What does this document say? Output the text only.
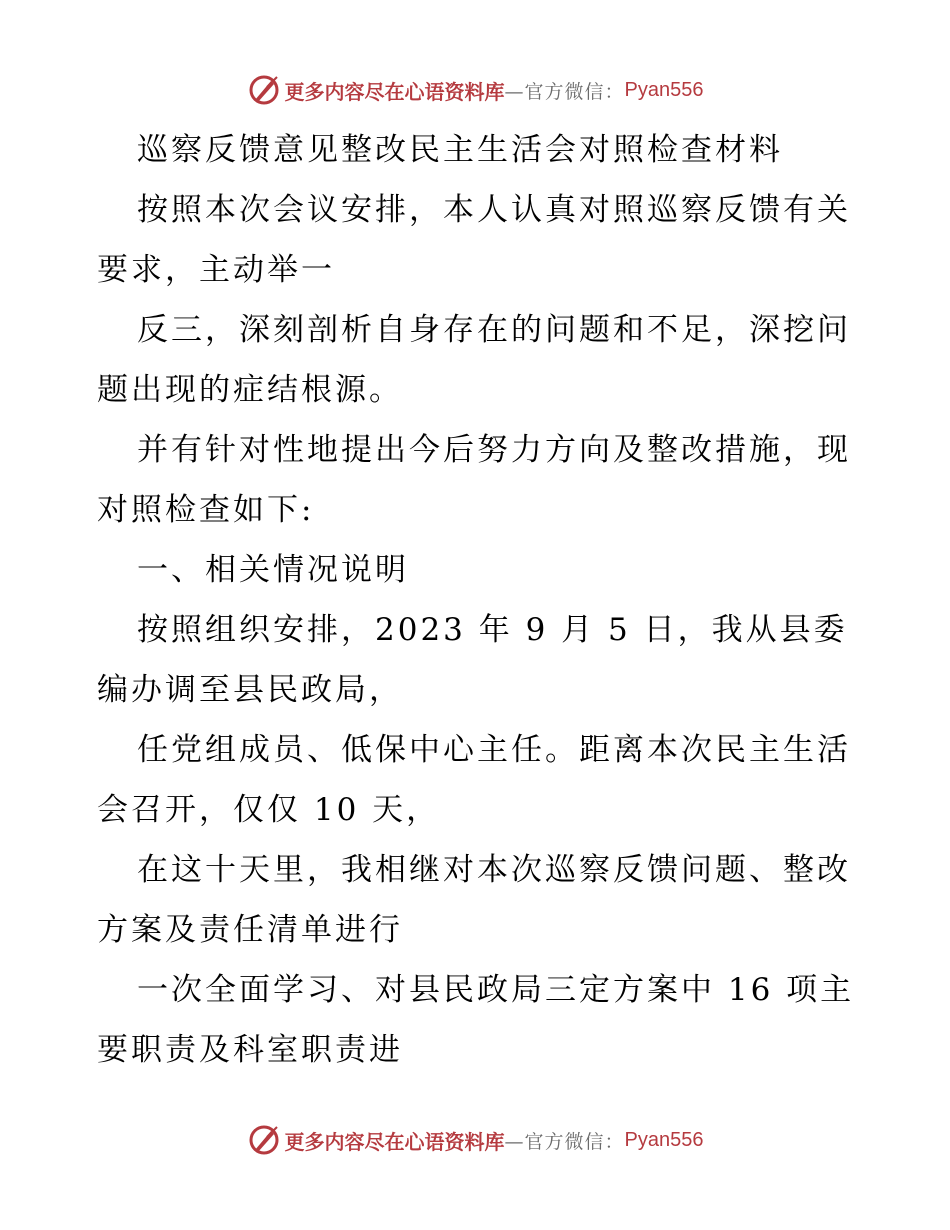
更多内容尽在心语资料库 —官方微信： Pyan556

巡察反馈意见整改民主生活会对照检查材料

按照本次会议安排，本人认真对照巡察反馈有关要求，主动举一

反三，深刻剖析自身存在的问题和不足，深挖问题出现的症结根源。

并有针对性地提出今后努力方向及整改措施，现对照检查如下:

一、相关情况说明

按照组织安排，2023 年 9 月 5 日，我从县委编办调至县民政局，

任党组成员、低保中心主任。距离本次民主生活会召开，仅仅 10 天，

在这十天里，我相继对本次巡察反馈问题、整改方案及责任清单进行

一次全面学习、对县民政局三定方案中 16 项主要职责及科室职责进

更多内容尽在心语资料库 —官方微信： Pyan556
